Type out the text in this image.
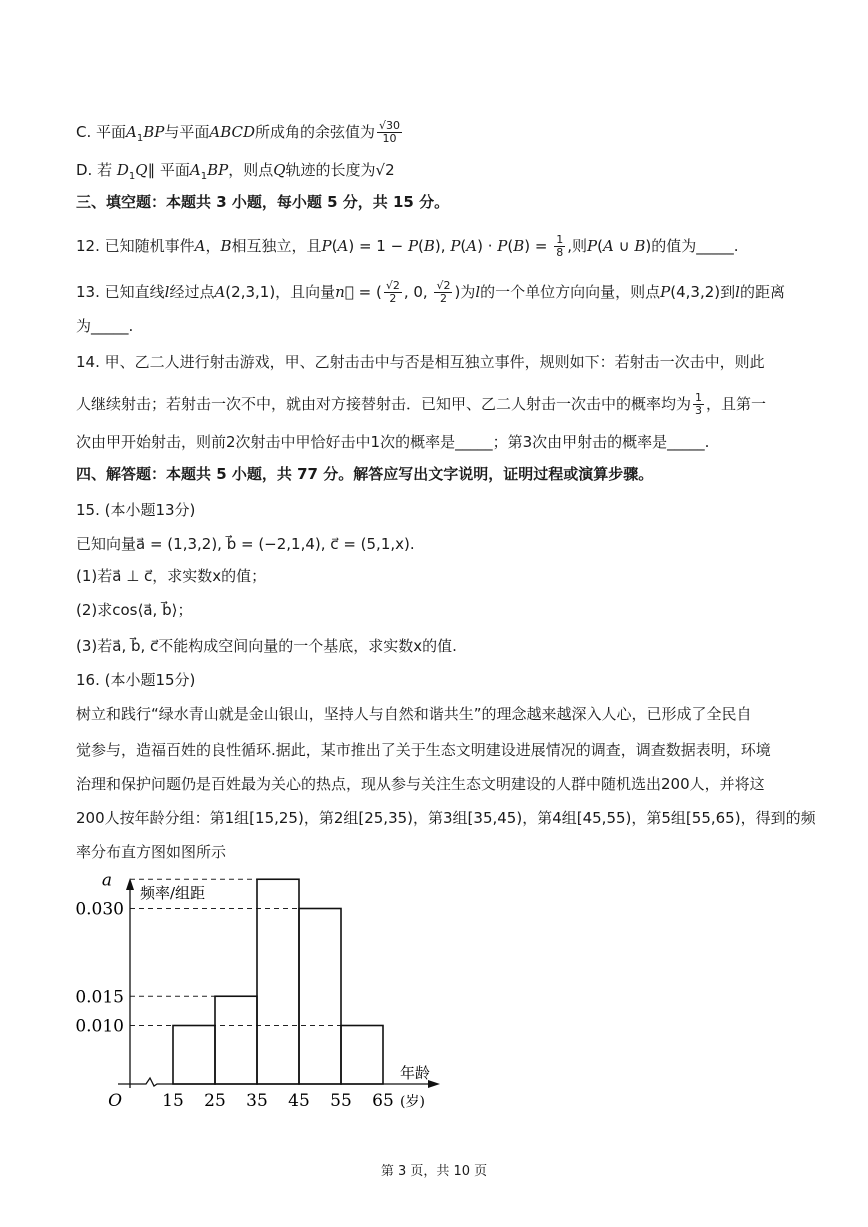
C. 平面$A_1BP$与平面ABCD所成角的余弦值为 $\frac{√30}{10}$
D. 若 $D_1Q\parallel$ 平面$A_1BP$，则点Q轨迹的长度为√2
三、填空题：本题共 3 小题，每小题 5 分，共 15 分。
12. 已知随机事件A，B相互独立，且P(A) = 1 − P(B), $P(A) \cdot P(B) = \frac{1}{8}$ ,则P(A ∪ B)的值为_____.
13. 已知直线l经过点A(2,3,1)，且向量n⃗ = ( $\frac{√2}{2}$ , 0, $\frac{√2}{2}$ )为l的一个单位方向向量，则点P(4,3,2)到l的距离
为_____.
14. 甲、乙二人进行射击游戏，甲、乙射击击中与否是相互独立事件，规则如下：若射击一次击中，则此
人继续射击；若射击一次不中，就由对方接替射击．已知甲、乙二人射击一次击中的概率均为 $\frac{1}{3}$ ，且第一
次由甲开始射击，则前2次射击中甲恰好击中1次的概率是_____；第3次由甲射击的概率是_____.
四、解答题：本题共 5 小题，共 77 分。解答应写出文字说明，证明过程或演算步骤。
15. (本小题13分)
已知向量a⃗ = (1,3,2), b⃗ = (−2,1,4), c⃗ = (5,1,x).
(1)若a⃗ ⊥ c⃗，求实数x的值；
(2)求cos⟨a⃗, b⃗⟩；
(3)若a⃗, b⃗, c⃗不能构成空间向量的一个基底，求实数x的值.
16. (本小题15分)
树立和践行“绿水青山就是金山银山，坚持人与自然和谐共生”的理念越来越深入人心，已形成了全民自
觉参与，造福百姓的良性循环.据此，某市推出了关于生态文明建设进展情况的调查，调查数据表明，环境
治理和保护问题仍是百姓最为关心的热点，现从参与关注生态文明建设的人群中随机选出200人，并将这
200人按年龄分组：第1组[15,25)，第2组[25,35)，第3组[35,45)，第4组[45,55)，第5组[55,65)，得到的频
率分布直方图如图所示
0.010
0.015
0.030
a
15 25 35 45 55 65
O
频率/组距
年龄
(岁)
第 3 页，共 10 页
